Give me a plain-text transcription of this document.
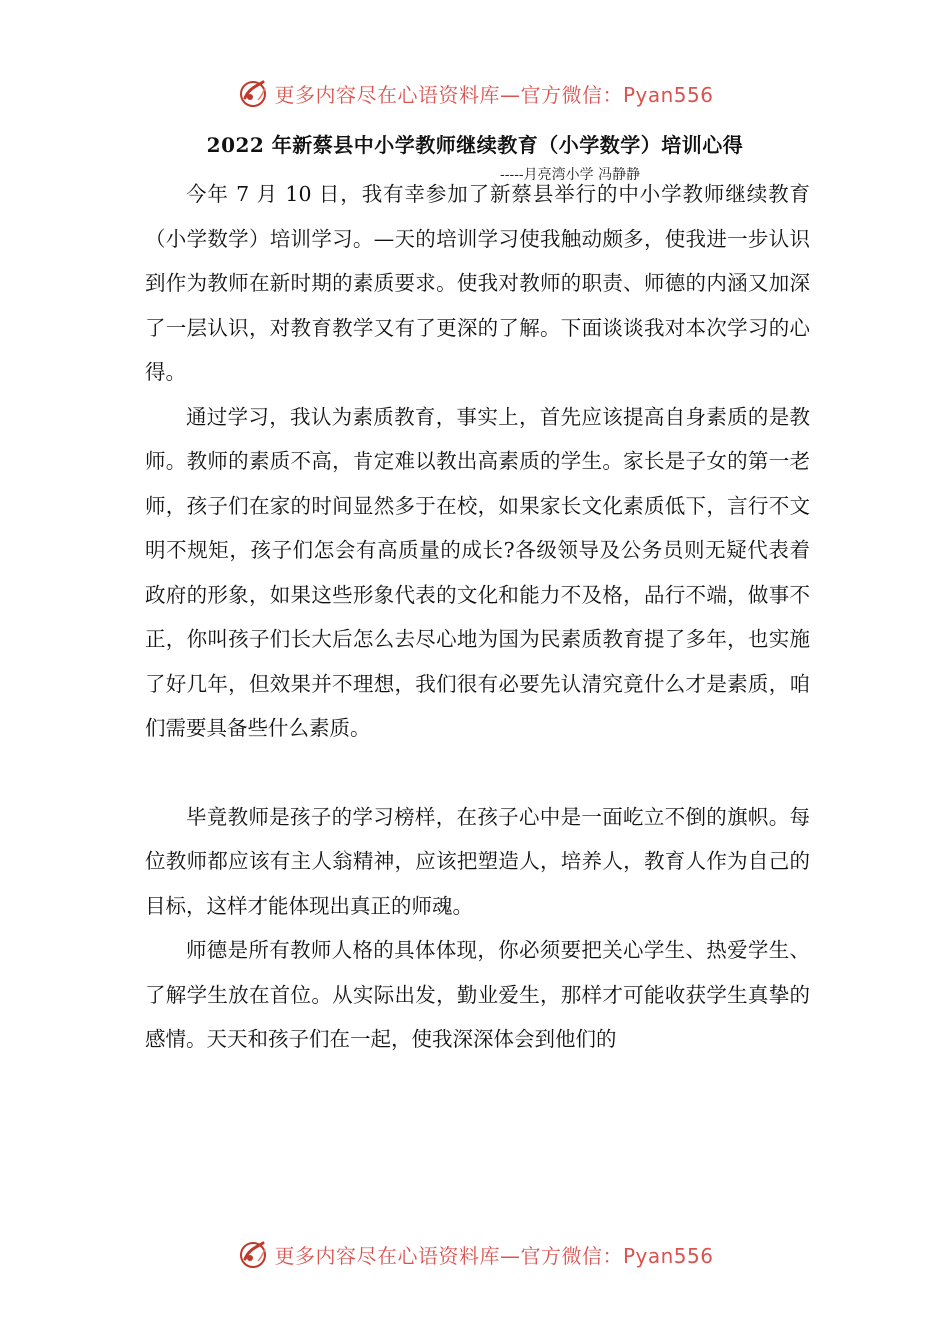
更多内容尽在心语资料库—官方微信：Pyan556
2022 年新蔡县中小学教师继续教育（小学数学）培训心得
-----月亮湾小学 冯静静

今年 7 月 10 日，我有幸参加了新蔡县举行的中小学教师继续教育（小学数学）培训学习。—天的培训学习使我触动颇多，使我进一步认识到作为教师在新时期的素质要求。使我对教师的职责、师德的内涵又加深了一层认识，对教育教学又有了更深的了解。下面谈谈我对本次学习的心得。

通过学习，我认为素质教育，事实上，首先应该提高自身素质的是教师。教师的素质不高，肯定难以教出高素质的学生。家长是子女的第一老师，孩子们在家的时间显然多于在校，如果家长文化素质低下，言行不文明不规矩，孩子们怎会有高质量的成长?各级领导及公务员则无疑代表着政府的形象，如果这些形象代表的文化和能力不及格，品行不端，做事不正，你叫孩子们长大后怎么去尽心地为国为民素质教育提了多年，也实施了好几年，但效果并不理想，我们很有必要先认清究竟什么才是素质，咱们需要具备些什么素质。

毕竟教师是孩子的学习榜样，在孩子心中是一面屹立不倒的旗帜。每位教师都应该有主人翁精神，应该把塑造人，培养人，教育人作为自己的目标，这样才能体现出真正的师魂。

师德是所有教师人格的具体体现，你必须要把关心学生、热爱学生、了解学生放在首位。从实际出发，勤业爱生，那样才可能收获学生真挚的感情。天天和孩子们在一起，使我深深体会到他们的

更多内容尽在心语资料库—官方微信：Pyan556
